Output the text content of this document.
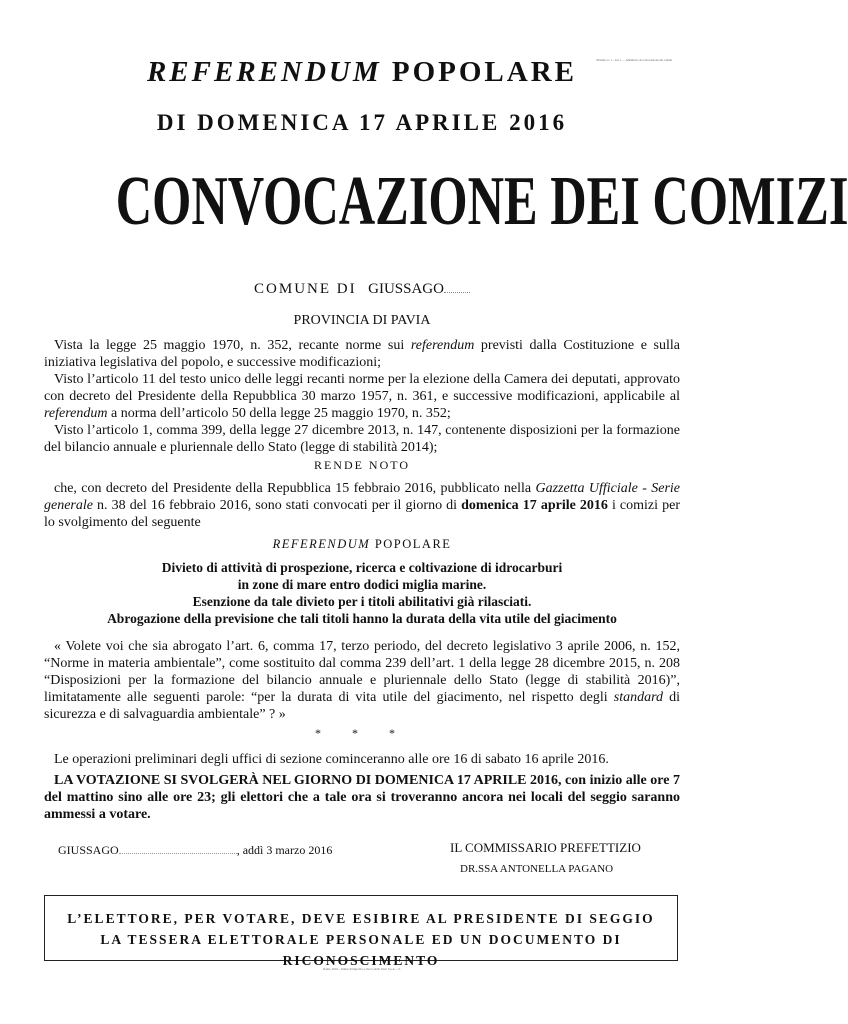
Modello n. 1 – Art. 1 — Manifesto di convocazione dei comizi
REFERENDUM POPOLARE
DI DOMENICA 17 APRILE 2016
CONVOCAZIONE DEI COMIZI
COMUNE DI GIUSSAGO
PROVINCIA DI PAVIA
Vista la legge 25 maggio 1970, n. 352, recante norme sui referendum previsti dalla Costituzione e sulla iniziativa legislativa del popolo, e successive modificazioni;
Visto l’articolo 11 del testo unico delle leggi recanti norme per la elezione della Camera dei deputati, approvato con decreto del Presidente della Repubblica 30 marzo 1957, n. 361, e successive modificazioni, applicabile al referendum a norma dell’articolo 50 della legge 25 maggio 1970, n. 352;
Visto l’articolo 1, comma 399, della legge 27 dicembre 2013, n. 147, contenente disposizioni per la formazione del bilancio annuale e pluriennale dello Stato (legge di stabilità 2014);
RENDE NOTO
che, con decreto del Presidente della Repubblica 15 febbraio 2016, pubblicato nella Gazzetta Ufficiale - Serie generale n. 38 del 16 febbraio 2016, sono stati convocati per il giorno di domenica 17 aprile 2016 i comizi per lo svolgimento del seguente
REFERENDUM POPOLARE
Divieto di attività di prospezione, ricerca e coltivazione di idrocarburi
in zone di mare entro dodici miglia marine.
Esenzione da tale divieto per i titoli abilitativi già rilasciati.
Abrogazione della previsione che tali titoli hanno la durata della vita utile del giacimento
« Volete voi che sia abrogato l’art. 6, comma 17, terzo periodo, del decreto legislativo 3 aprile 2006, n. 152, “Norme in materia ambientale”, come sostituito dal comma 239 dell’art. 1 della legge 28 dicembre 2015, n. 208 “Disposizioni per la formazione del bilancio annuale e pluriennale dello Stato (legge di stabilità 2016)”, limitatamente alle seguenti parole: “per la durata di vita utile del giacimento, nel rispetto degli standard di sicurezza e di salvaguardia ambientale” ? »
* * *
Le operazioni preliminari degli uffici di sezione cominceranno alle ore 16 di sabato 16 aprile 2016.
LA VOTAZIONE SI SVOLGERÀ NEL GIORNO DI DOMENICA 17 APRILE 2016, con inizio alle ore 7 del mattino sino alle ore 23; gli elettori che a tale ora si troveranno ancora nei locali del seggio saranno ammessi a votare.
GIUSSAGO	, addì 3 marzo 2016	IL COMMISSARIO PREFETTIZIO
DR.SSA ANTONELLA PAGANO
L’ELETTORE, PER VOTARE, DEVE ESIBIRE AL PRESIDENTE DI SEGGIO
LA TESSERA ELETTORALE PERSONALE ED UN DOCUMENTO DI RICONOSCIMENTO
Roma, 2016 – Istituto Poligrafico e Zecca dello Stato S.p.A. – S.
